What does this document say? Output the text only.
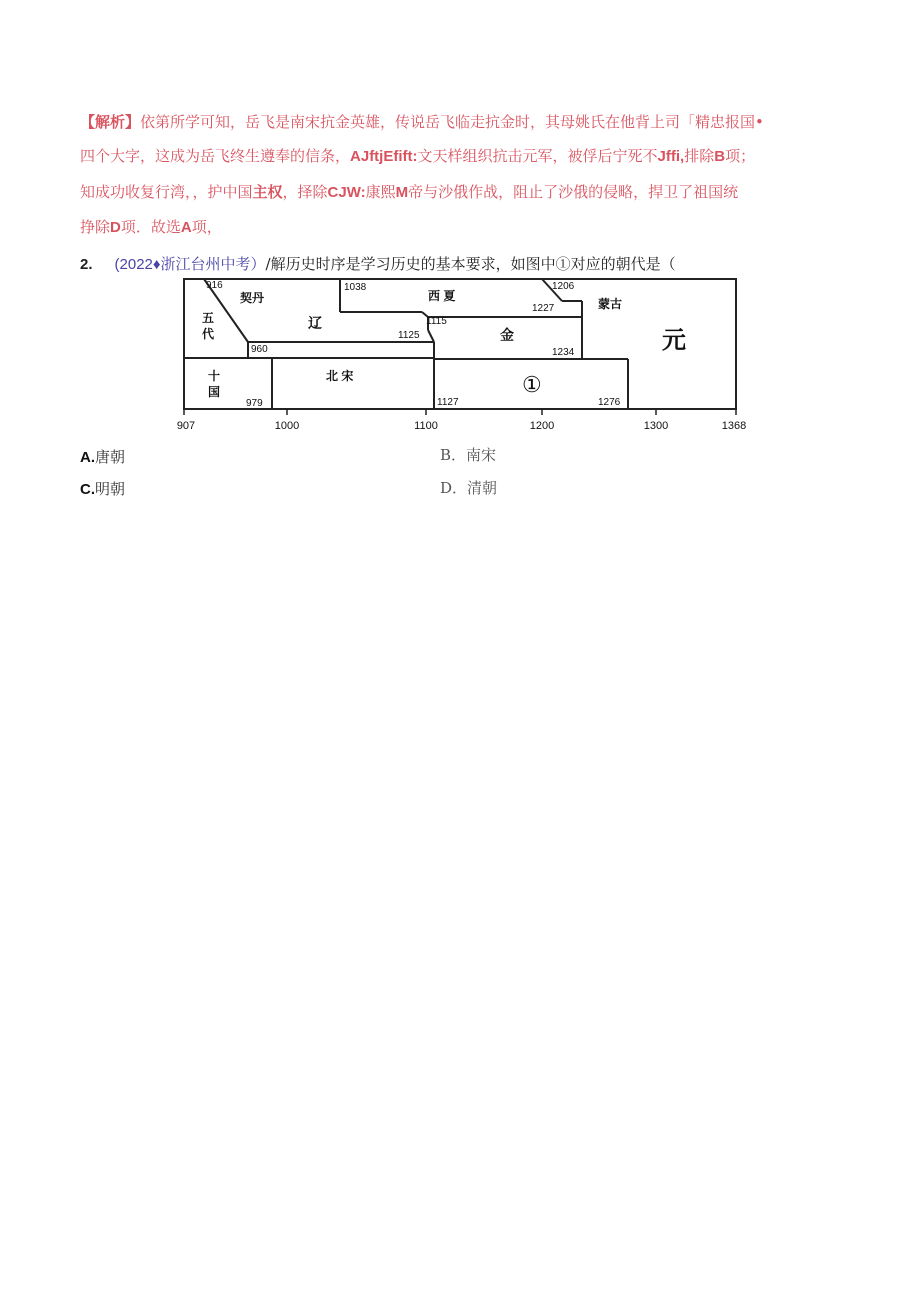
【解析】依第所学可知，岳飞是南宋抗金英雄，传说岳飞临走抗金时，其母姚氏在他背上司「精忠报国•
四个大字，这成为岳飞终生遵奉的信条，AJftjEfift:文天样组织抗击元军，被俘后宁死不Jffi,排除B项；
知成功收复行湾，，护中国主权，择除CJW:康熙M帝与沙俄作战，阻止了沙俄的侵略，捍卫了祖国统
挣除D项．故选A项，
2. (2022♦浙江台州中考）/解历史时序是学习历史的基本要求，如图中①对应的朝代是（
916
960
979
1038
1115
1125
1127
1206
1227
1234
1276
契丹
五
代
十
国
辽
西 夏
金
蒙古
元
北 宋	①
907	1000	1100	1200	1300	1368
A.唐朝	B．南宋
C.明朝	D．清朝
